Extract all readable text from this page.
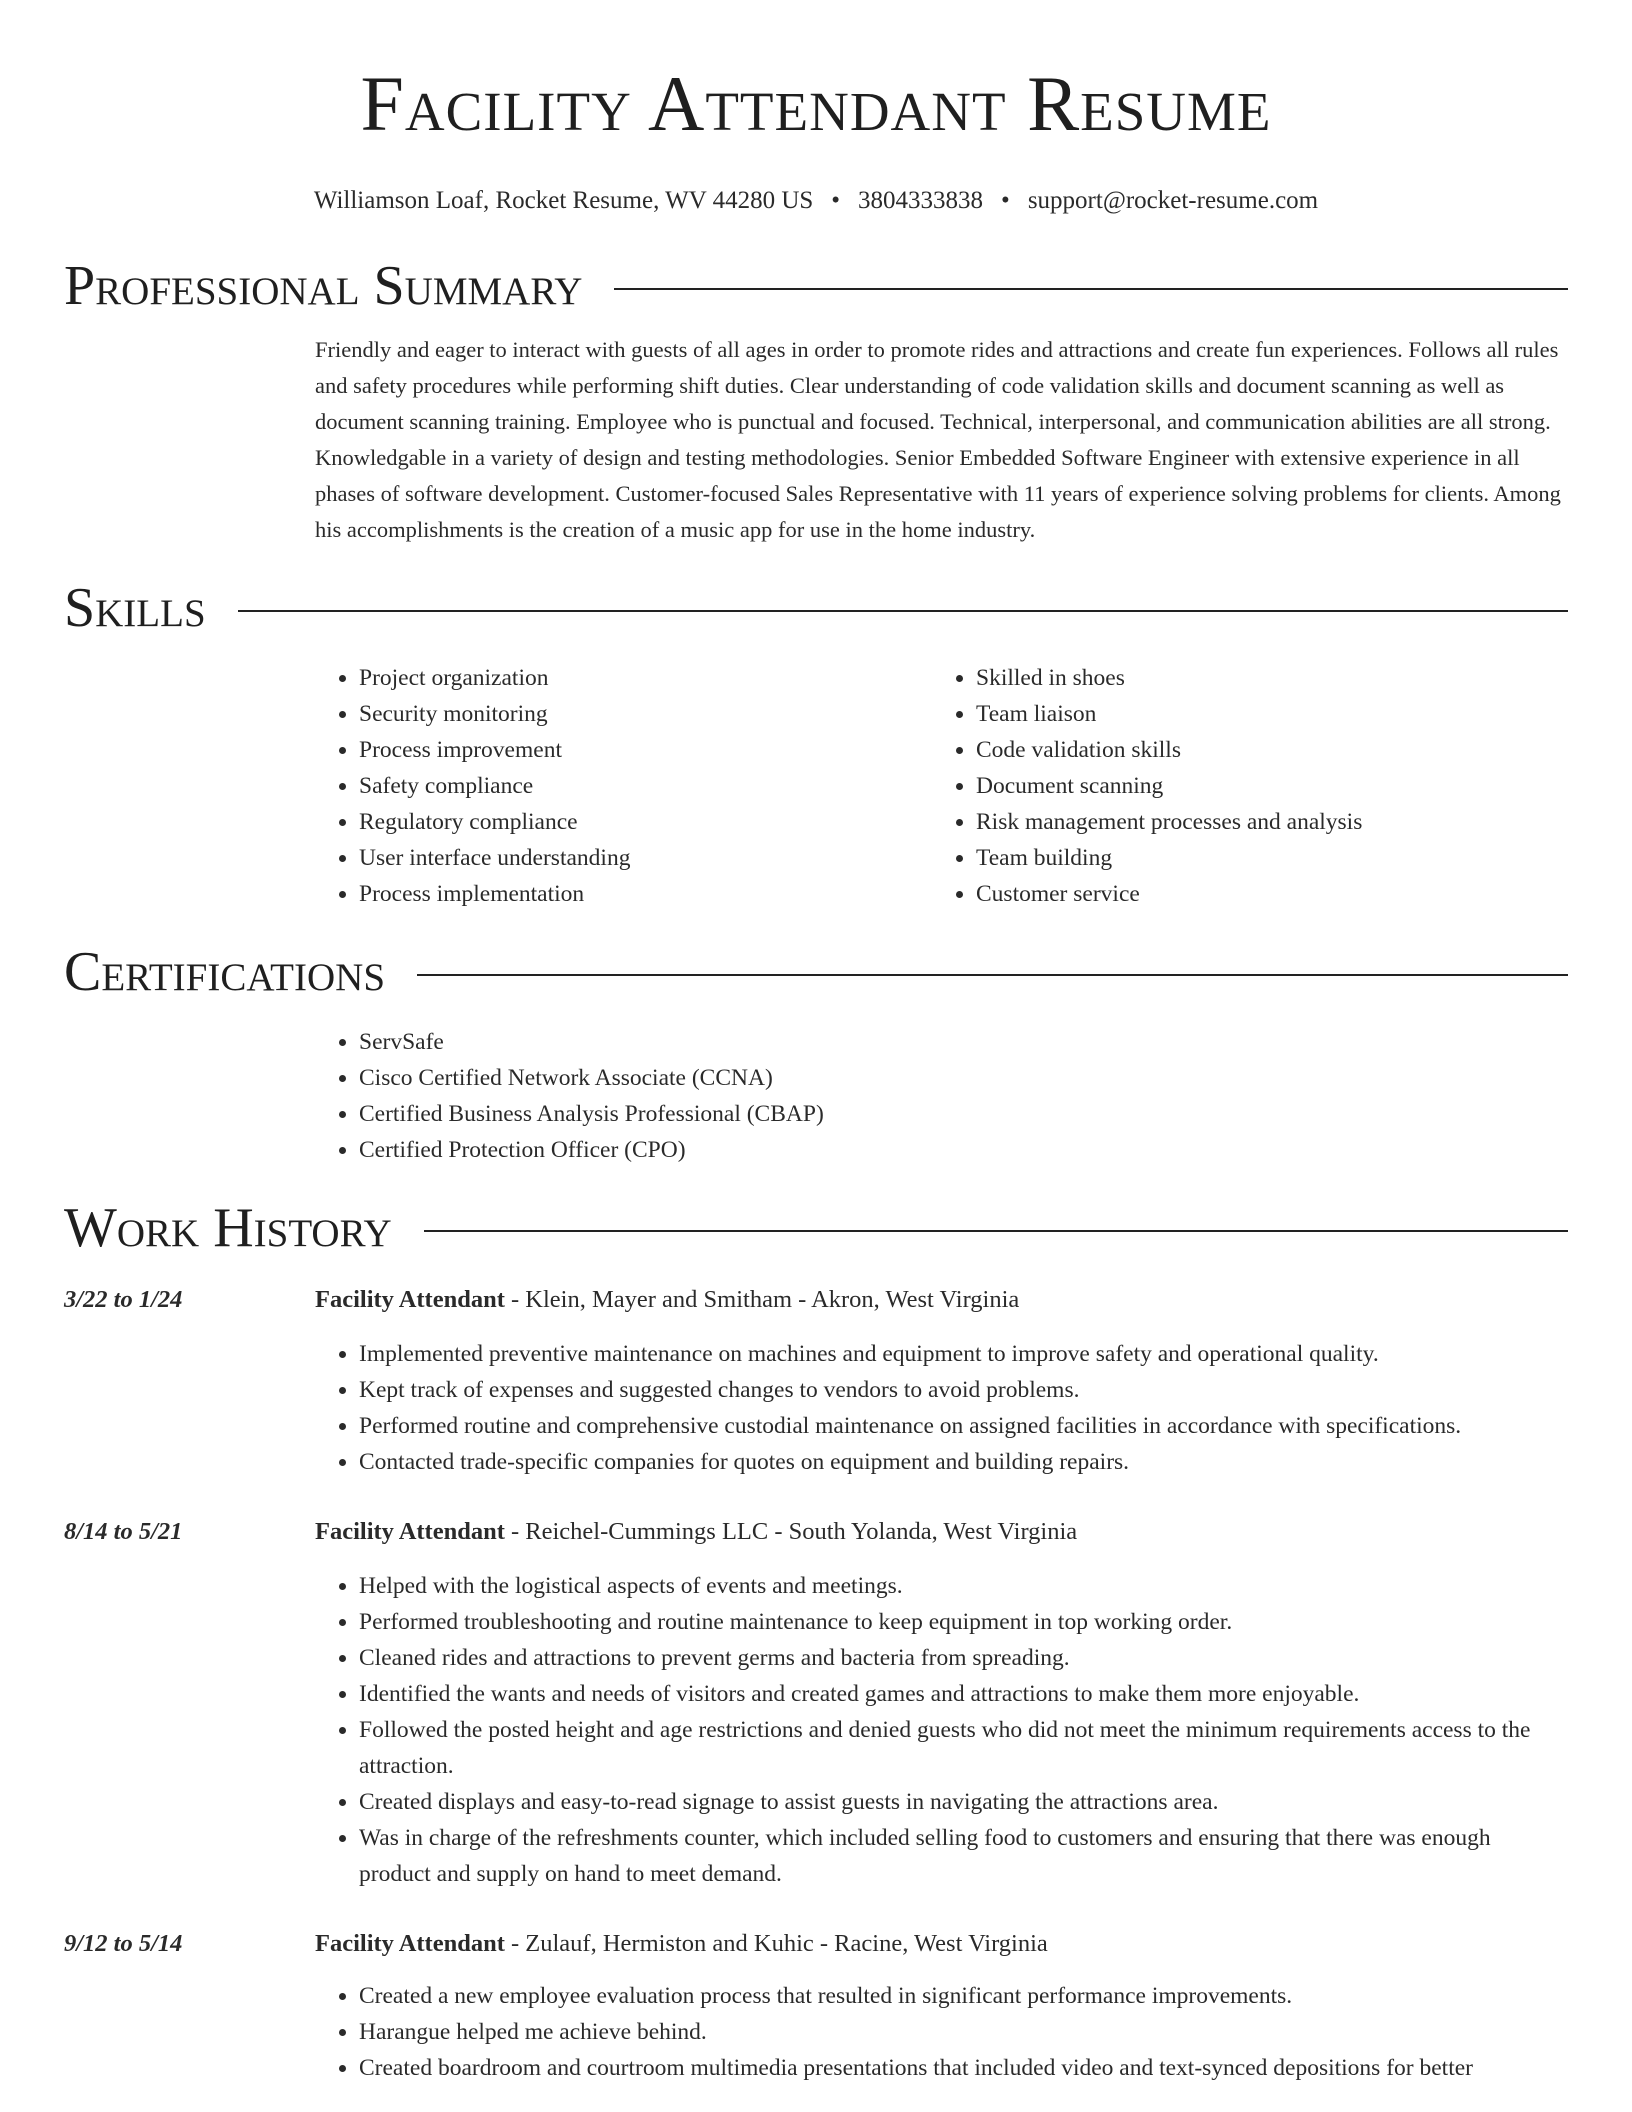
Facility Attendant Resume
Williamson Loaf, Rocket Resume, WV 44280 US • 3804333838 • support@rocket-resume.com
Professional Summary

Friendly and eager to interact with guests of all ages in order to promote rides and attractions and create fun experiences. Follows all rules and safety procedures while performing shift duties. Clear understanding of code validation skills and document scanning as well as document scanning training. Employee who is punctual and focused. Technical, interpersonal, and communication abilities are all strong. Knowledgable in a variety of design and testing methodologies. Senior Embedded Software Engineer with extensive experience in all phases of software development. Customer-focused Sales Representative with 11 years of experience solving problems for clients. Among his accomplishments is the creation of a music app for use in the home industry.

Skills
• Project organization
• Security monitoring
• Process improvement
• Safety compliance
• Regulatory compliance
• User interface understanding
• Process implementation
• Skilled in shoes
• Team liaison
• Code validation skills
• Document scanning
• Risk management processes and analysis
• Team building
• Customer service
Certifications
• ServSafe
• Cisco Certified Network Associate (CCNA)
• Certified Business Analysis Professional (CBAP)
• Certified Protection Officer (CPO)
Work History
3/22 to 1/24	Facility Attendant - Klein, Mayer and Smitham - Akron, West Virginia
• Implemented preventive maintenance on machines and equipment to improve safety and operational quality.
• Kept track of expenses and suggested changes to vendors to avoid problems.
• Performed routine and comprehensive custodial maintenance on assigned facilities in accordance with specifications.
• Contacted trade-specific companies for quotes on equipment and building repairs.
8/14 to 5/21	Facility Attendant - Reichel-Cummings LLC - South Yolanda, West Virginia
• Helped with the logistical aspects of events and meetings.
• Performed troubleshooting and routine maintenance to keep equipment in top working order.
• Cleaned rides and attractions to prevent germs and bacteria from spreading.
• Identified the wants and needs of visitors and created games and attractions to make them more enjoyable.
• Followed the posted height and age restrictions and denied guests who did not meet the minimum requirements access to the attraction.
• Created displays and easy-to-read signage to assist guests in navigating the attractions area.
• Was in charge of the refreshments counter, which included selling food to customers and ensuring that there was enough product and supply on hand to meet demand.
9/12 to 5/14	Facility Attendant - Zulauf, Hermiston and Kuhic - Racine, West Virginia
• Created a new employee evaluation process that resulted in significant performance improvements.
• Harangue helped me achieve behind.
• Created boardroom and courtroom multimedia presentations that included video and text-synced depositions for better
